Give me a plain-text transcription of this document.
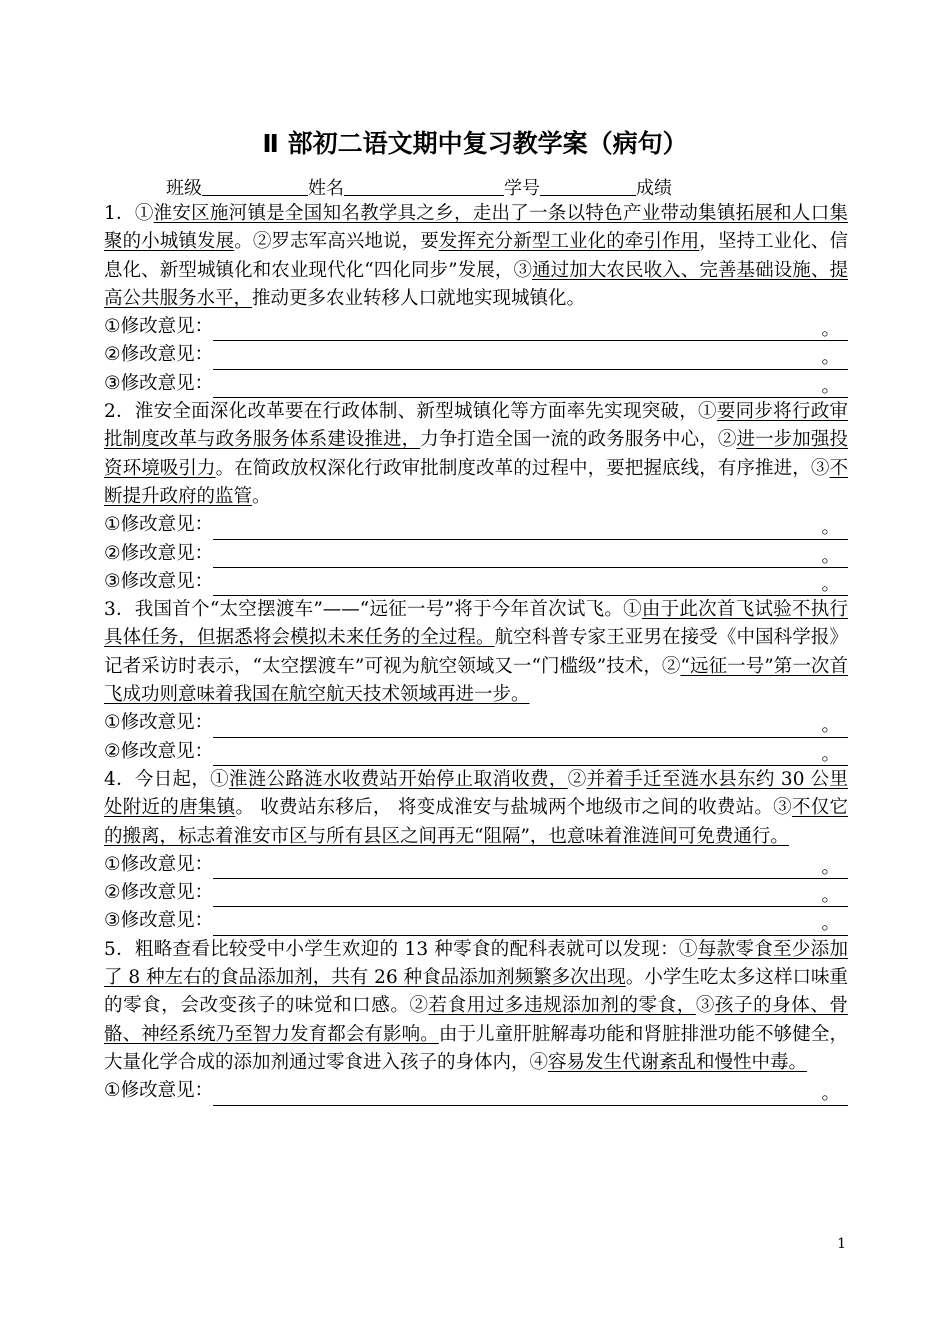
Ⅱ 部初二语文期中复习教学案（病句）
班级	姓名	学号	成绩
1．①淮安区施河镇是全国知名教学具之乡，走出了一条以特色产业带动集镇拓展和人口集聚的小城镇发展。②罗志军高兴地说，要发挥充分新型工业化的牵引作用，坚持工业化、信息化、新型城镇化和农业现代化“四化同步”发展，③通过加大农民收入、完善基础设施、提高公共服务水平，推动更多农业转移人口就地实现城镇化。
① 修改意见：	。
② 修改意见：	。
③ 修改意见：	。
2．淮安全面深化改革要在行政体制、新型城镇化等方面率先实现突破，①要同步将行政审批制度改革与政务服务体系建设推进，力争打造全国一流的政务服务中心，②进一步加强投资环境吸引力。在简政放权深化行政审批制度改革的过程中，要把握底线，有序推进，③不断提升政府的监管。
① 修改意见：	。
② 修改意见：	。
③ 修改意见：	。
3．我国首个“太空摆渡车”——“远征一号”将于今年首次试飞。①由于此次首飞试验不执行具体任务，但据悉将会模拟未来任务的全过程。航空科普专家王亚男在接受《中国科学报》记者采访时表示，“太空摆渡车”可视为航空领域又一“门槛级”技术，②“远征一号”第一次首飞成功则意味着我国在航空航天技术领域再进一步。
① 修改意见：	。
② 修改意见：	。
4．今日起，①淮涟公路涟水收费站开始停止取消收费，②并着手迁至涟水县东约 30 公里处附近的唐集镇。 收费站东移后， 将变成淮安与盐城两个地级市之间的收费站。③不仅它的搬离，标志着淮安市区与所有县区之间再无“阻隔”，也意味着淮涟间可免费通行。
① 修改意见：	。
② 修改意见：	。
③ 修改意见：	。
5．粗略查看比较受中小学生欢迎的 13 种零食的配科表就可以发现：①每款零食至少添加了 8 种左右的食品添加剂，共有 26 种食品添加剂频繁多次出现。小学生吃太多这样口味重的零食，会改变孩子的味觉和口感。②若食用过多违规添加剂的零食，③孩子的身体、骨骼、神经系统乃至智力发育都会有影响。由于儿童肝脏解毒功能和肾脏排泄功能不够健全，大量化学合成的添加剂通过零食进入孩子的身体内，④容易发生代谢紊乱和慢性中毒。
① 修改意见：	。
1
